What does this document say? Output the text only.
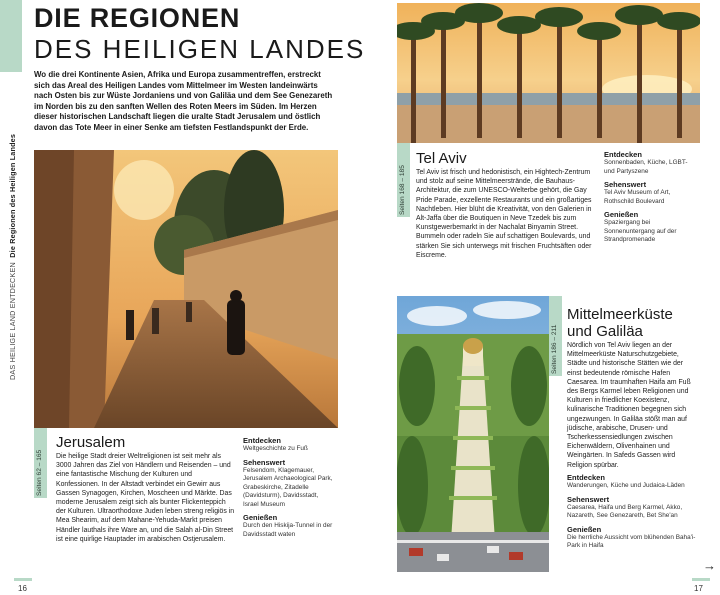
DAS HEILIGE LAND ENTDECKEN  Die Regionen des Heiligen Landes
DIE REGIONEN
DES HEILIGEN LANDES
Wo die drei Kontinente Asien, Afrika und Europa zusammentreffen, erstreckt sich das Areal des Heiligen Landes vom Mittelmeer im Westen landeinwärts nach Osten bis zur Wüste Jordaniens und von Galiläa und dem See Genezareth im Norden bis zu den sanften Wellen des Roten Meers im Süden. Im Herzen dieser historischen Landschaft liegen die uralte Stadt Jerusalem und östlich davon das Tote Meer in einer Senke am tiefsten Festlandspunkt der Erde.
Seiten 62 – 165
Jerusalem
Die heilige Stadt dreier Weltreligionen ist seit mehr als 3000 Jahren das Ziel von Händlern und Reisenden – und eine fantastische Mischung der Kulturen und Konfessionen. In der Altstadt verbindet ein Gewirr aus Gassen Synagogen, Kirchen, Moscheen und Märkte. Das moderne Jerusalem zeigt sich als bunter Flickenteppich der Kulturen. Ultraorthodoxe Juden leben streng religiös in Mea Shearim, auf dem Mahane-Yehuda-Markt preisen Händler lauthals ihre Ware an, und die Salah al-Din Street ist eine quirlige Hauptader im arabischen Ostjerusalem.
Entdecken
Weltgeschichte zu Fuß
Sehenswert
Felsendom, Klagemauer, Jerusalem Archaeological Park, Grabeskirche, Zitadelle (Davidsturm), Davidsstadt, Israel Museum
Genießen
Durch den Hiskija-Tunnel in der Davidsstadt waten
16
Seiten 168 – 185
Tel Aviv
Tel Aviv ist frisch und hedonistisch, ein Hightech-Zentrum und stolz auf seine Mittelmeerstrände, die Bauhaus-Architektur, die zum UNESCO-Welterbe gehört, die Gay Pride Parade, exzellente Restaurants und ein großartiges Nachtleben. Hier blüht die Kreativität, von den Galerien in Alt-Jaffa über die Boutiquen in Neve Tzedek bis zum Kunstgewerbemarkt in der Nachalat Binyamin Street. Bummeln oder radeln Sie auf schattigen Boulevards, und stärken Sie sich unterwegs mit frischen Fruchtsäften oder Eiscreme.
Entdecken
Sonnenbaden, Küche, LGBT- und Partyszene
Sehenswert
Tel Aviv Museum of Art, Rothschild Boulevard
Genießen
Spaziergang bei Sonnenuntergang auf der Strandpromenade
Seiten 186 – 211
Mittelmeerküste
und Galiläa
Nördlich von Tel Aviv liegen an der Mittelmeerküste Naturschutzgebiete, Städte und historische Stätten wie der einst bedeutende römische Hafen Caesarea. Im traumhaften Haifa am Fuß des Bergs Karmel leben Religionen und Kulturen in friedlicher Koexistenz, kulinarische Traditionen begegnen sich ungezwungen. In Galiläa stößt man auf jüdische, arabische, Drusen- und Tscherkessensiedlungen zwischen Eichenwäldern, Olivenhainen und Weingärten. In Safeds Gassen wird Religion spürbar.
Entdecken
Wanderungen, Küche und Judaica-Läden
Sehenswert
Caesarea, Haifa und Berg Karmel, Akko, Nazareth, See Genezareth, Bet She'an
Genießen
Die herrliche Aussicht vom blühenden Baha'i-Park in Haifa
→
17
